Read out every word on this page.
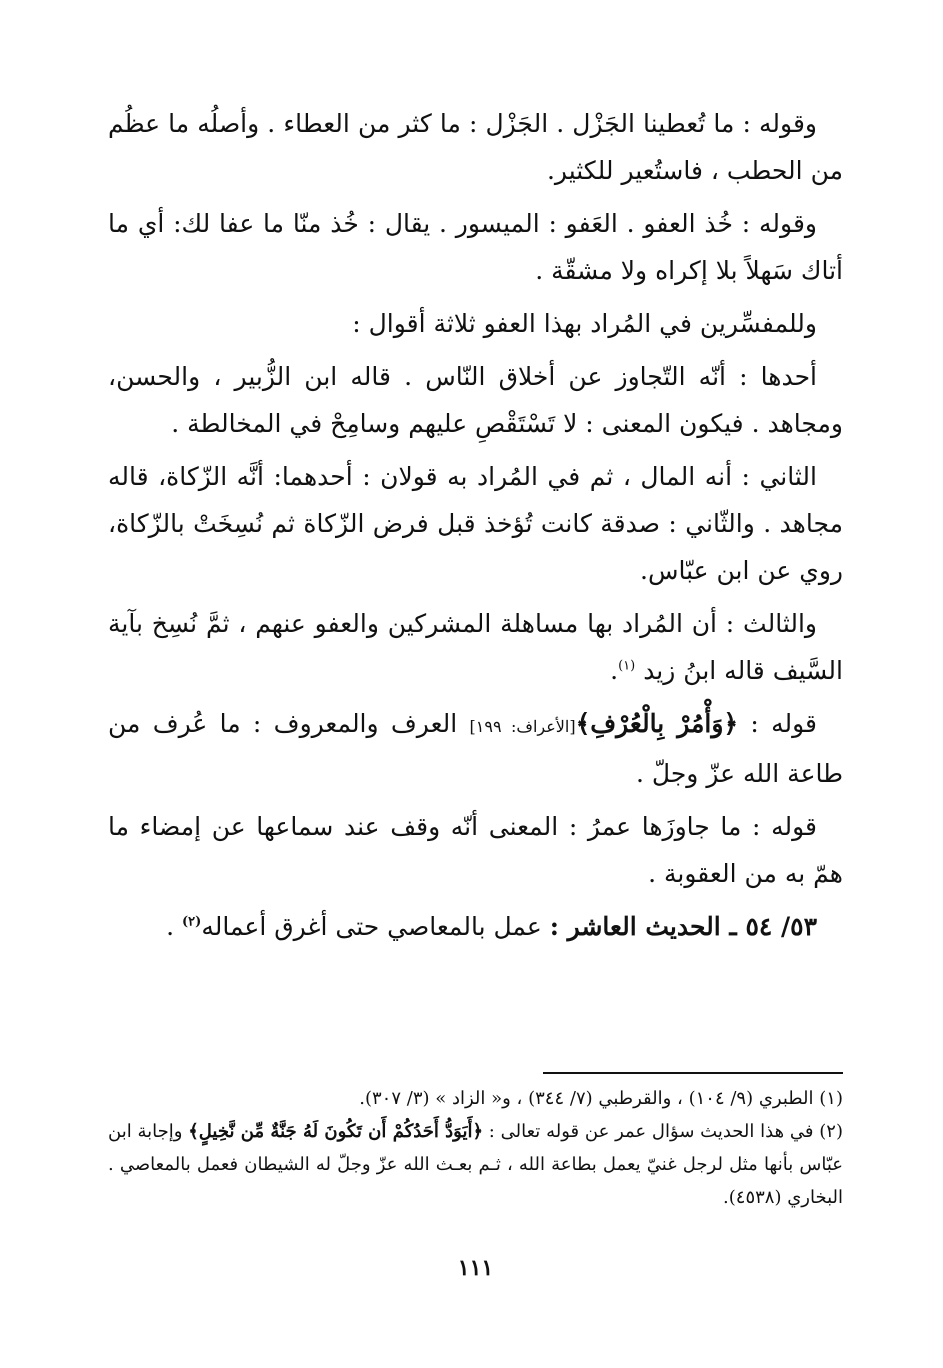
وقوله : ما تُعطينا الجَزْل . الجَزْل : ما كثر من العطاء . وأصلُه ما عظُم من الحطب ، فاستُعير للكثير.

وقوله : خُذ العفو . العَفو : الميسور . يقال : خُذ منّا ما عفا لك: أي ما أتاك سَهلاً بلا إكراه ولا مشقّة .

وللمفسِّرين في المُراد بهذا العفو ثلاثة أقوال :

أحدها : أنّه التّجاوز عن أخلاق النّاس . قاله ابن الزُّبير ، والحسن، ومجاهد . فيكون المعنى : لا تَسْتَقْصِ عليهم وسامِحْ في المخالطة .

الثاني : أنه المال ، ثم في المُراد به قولان : أحدهما: أنَّه الزّكاة، قاله مجاهد . والثّاني : صدقة كانت تُؤخذ قبل فرض الزّكاة ثم نُسِخَتْ بالزّكاة، روي عن ابن عبّاس.

والثالث : أن المُراد بها مساهلة المشركين والعفو عنهم ، ثمَّ نُسِخ بآية السَّيف قاله ابنُ زيد $^{(١)}$.

قوله : ﴿وَأْمُرْ بِالْعُرْفِ﴾[الأعراف: ١٩٩] العرف والمعروف : ما عُرف من طاعة الله عزّ وجلّ .

قوله : ما جاوزَها عمرُ : المعنى أنّه وقف عند سماعها عن إمضاء ما همّ به من العقوبة .

٥٣/ ٥٤ ـ الحديث العاشر : عمل بالمعاصي حتى أغرق أعماله$^{(٢)}$ .

(١) الطبري (٩/ ١٠٤) ، والقرطبي (٧/ ٣٤٤) ، و« الزاد » (٣/ ٣٠٧).

(٢) في هذا الحديث سؤال عمر عن قوله تعالى : ﴿أَيَوَدُّ أَحَدُكُمْ أَن تَكُونَ لَهُ جَنَّةٌ مِّن نَّخِيلٍ﴾ وإجابة ابن عبّاس بأنها مثل لرجل غنيّ يعمل بطاعة الله ، ثـم بعـث الله عزّ وجلّ له الشيطان فعمل بالمعاصي . البخاري (٤٥٣٨).

١١١
